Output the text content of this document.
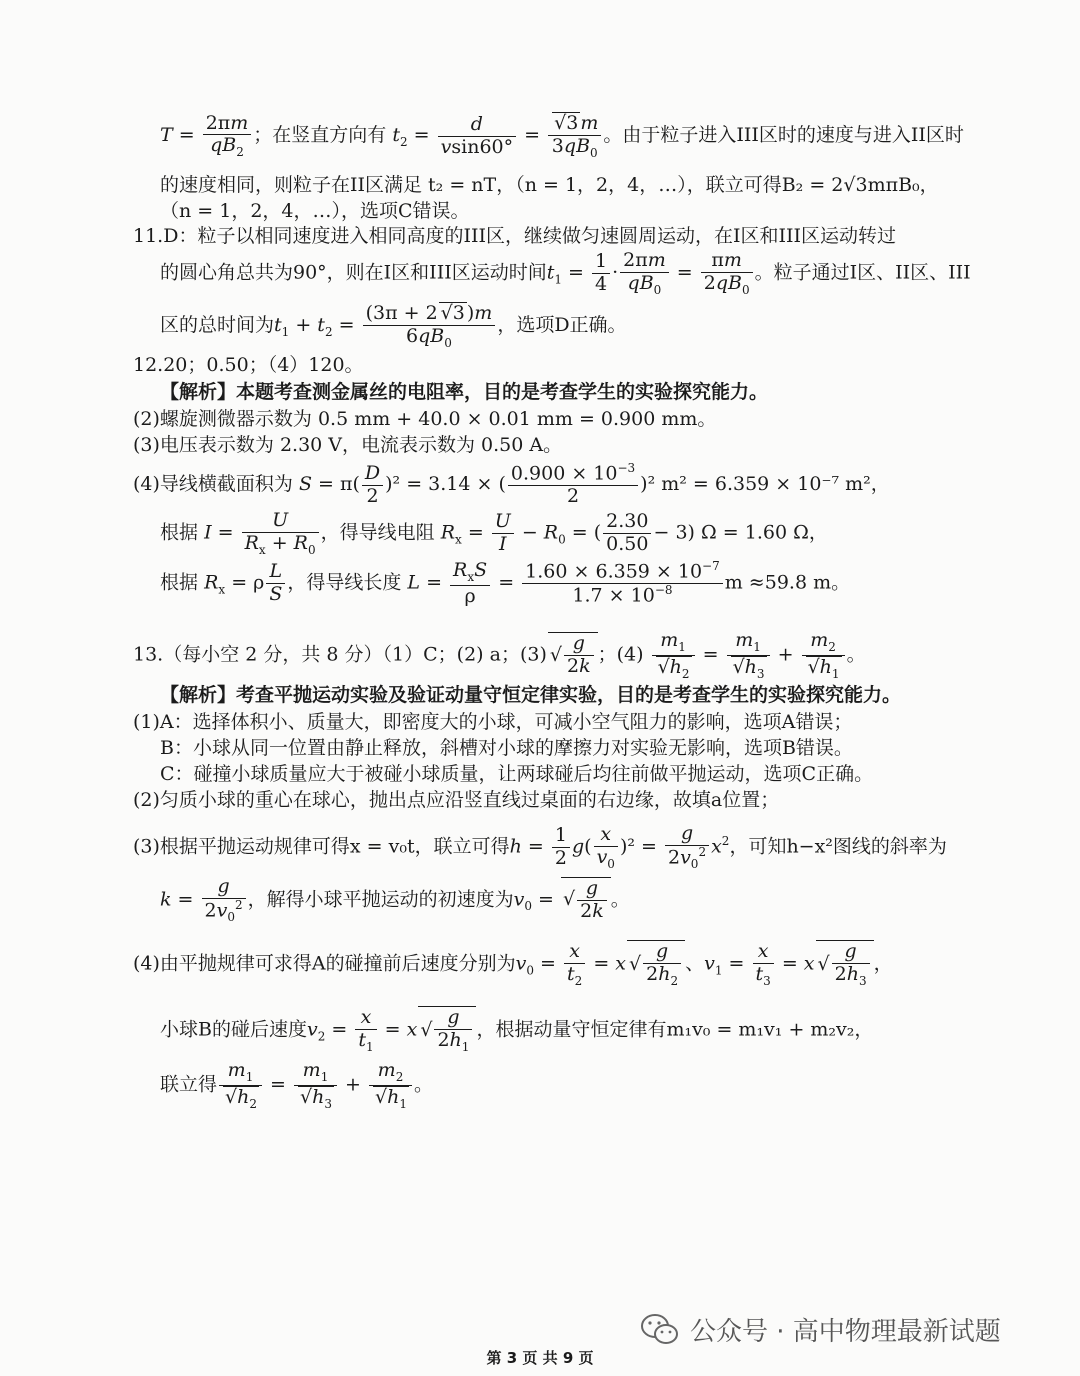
$T = \frac{2\pi m}{qB_2}$ ；在竖直方向有 $t_2 = \frac{d}{vsin60^\circ}$ = √ $\frac{3 m}{3qB_0}$ 。由于粒子进入III区时的速度与进入II区时
的速度相同，则粒子在II区满足 t₂ = nT，（n = 1，2，4，…），联立可得B₂ = 2√3mπB₀，
（n = 1，2，4，…），选项C错误。
11.D：粒子以相同速度进入相同高度的III区，继续做匀速圆周运动，在I区和III区运动转过
的圆心角总共为90°，则在I区和III区运动时间$t_1 = \frac{1}{4} \cdot \frac{2\pi m}{qB_0} = \frac{\pi m}{2qB_0}$ 。粒子通过I区、II区、III
区的总时间为$t_1 + t_2 = \frac{(3\pi + 2 √ 3 )m}{6qB_0}$ ，选项D正确。
12.20；0.50；（4）120。
【解析】本题考查测金属丝的电阻率，目的是考查学生的实验探究能力。
(2)螺旋测微器示数为 0.5 mm + 40.0 × 0.01 mm = 0.900 mm。
(3)电压表示数为 2.30 V，电流表示数为 0.50 A。
(4)导线横截面积为 $S = \pi( \frac{D}{2} )^2 = 3.14$ × ( $\frac{0.900 \times 10^{-3}}{2} )^2$ m² = 6.359 × 10⁻⁷ m²，
根据 $I = \frac{U}{R_x + R_0}$ ，得导线电阻 $R_x = \frac{U}{I} - R_0$ = ( $\frac{2.30}{0.50} - 3$) Ω = 1.60 Ω，
根据 $R_x = \rho \frac{L}{S}$ ，得导线长度 $L = \frac{R_xS}{\rho} = \frac{1.60 \times 6.359 \times 10^{-7}}{1.7 \times 10^{-8}}$ m ≈59.8 m。
13.（每小空 2 分，共 8 分）（1）C；(2) a；$(3)√ \frac{g}{2k}$ ；(4) $m_1$
√ $h_2 = m_1$
√ $h_3 + m_2$
√ $h_1$ 。
【解析】考查平抛运动实验及验证动量守恒定律实验，目的是考查学生的实验探究能力。
(1)A：选择体积小、质量大，即密度大的小球，可减小空气阻力的影响，选项A错误；
B：小球从同一位置由静止释放，斜槽对小球的摩擦力对实验无影响，选项B错误。
C：碰撞小球质量应大于被碰小球质量，让两球碰后均往前做平抛运动，选项C正确。
(2)匀质小球的重心在球心，抛出点应沿竖直线过桌面的右边缘，故填a位置；
(3)根据平抛运动规律可得x = v₀t，联立可得$h = \frac{1}{2} g( \frac{x}{v_0} )^2 = \frac{g}{2v_0^2} x^2$，可知h−x²图线的斜率为
$k = \frac{g}{2v_0^2}$ ，解得小球平抛运动的初速度为$v_0$ = √ $\frac{g}{2k}$ 。
(4)由平抛规律可求得A的碰撞前后速度分别为$v_0 = \frac{x}{t_2} = x√ \frac{g}{2h_2}$ 、$v_1 = \frac{x}{t_3} = x√ \frac{g}{2h_3}$ ，
小球B的碰后速度$v_2 = \frac{x}{t_1} = x√ \frac{g}{2h_1}$ ，根据动量守恒定律有m₁v₀ = m₁v₁ + m₂v₂，
联立得 $m_1$
√ $h_2 = m_1$
√ $h_3 + m_2$
√ $h_1$ 。
公众号 · 高中物理最新试题
第 3 页 共 9 页
